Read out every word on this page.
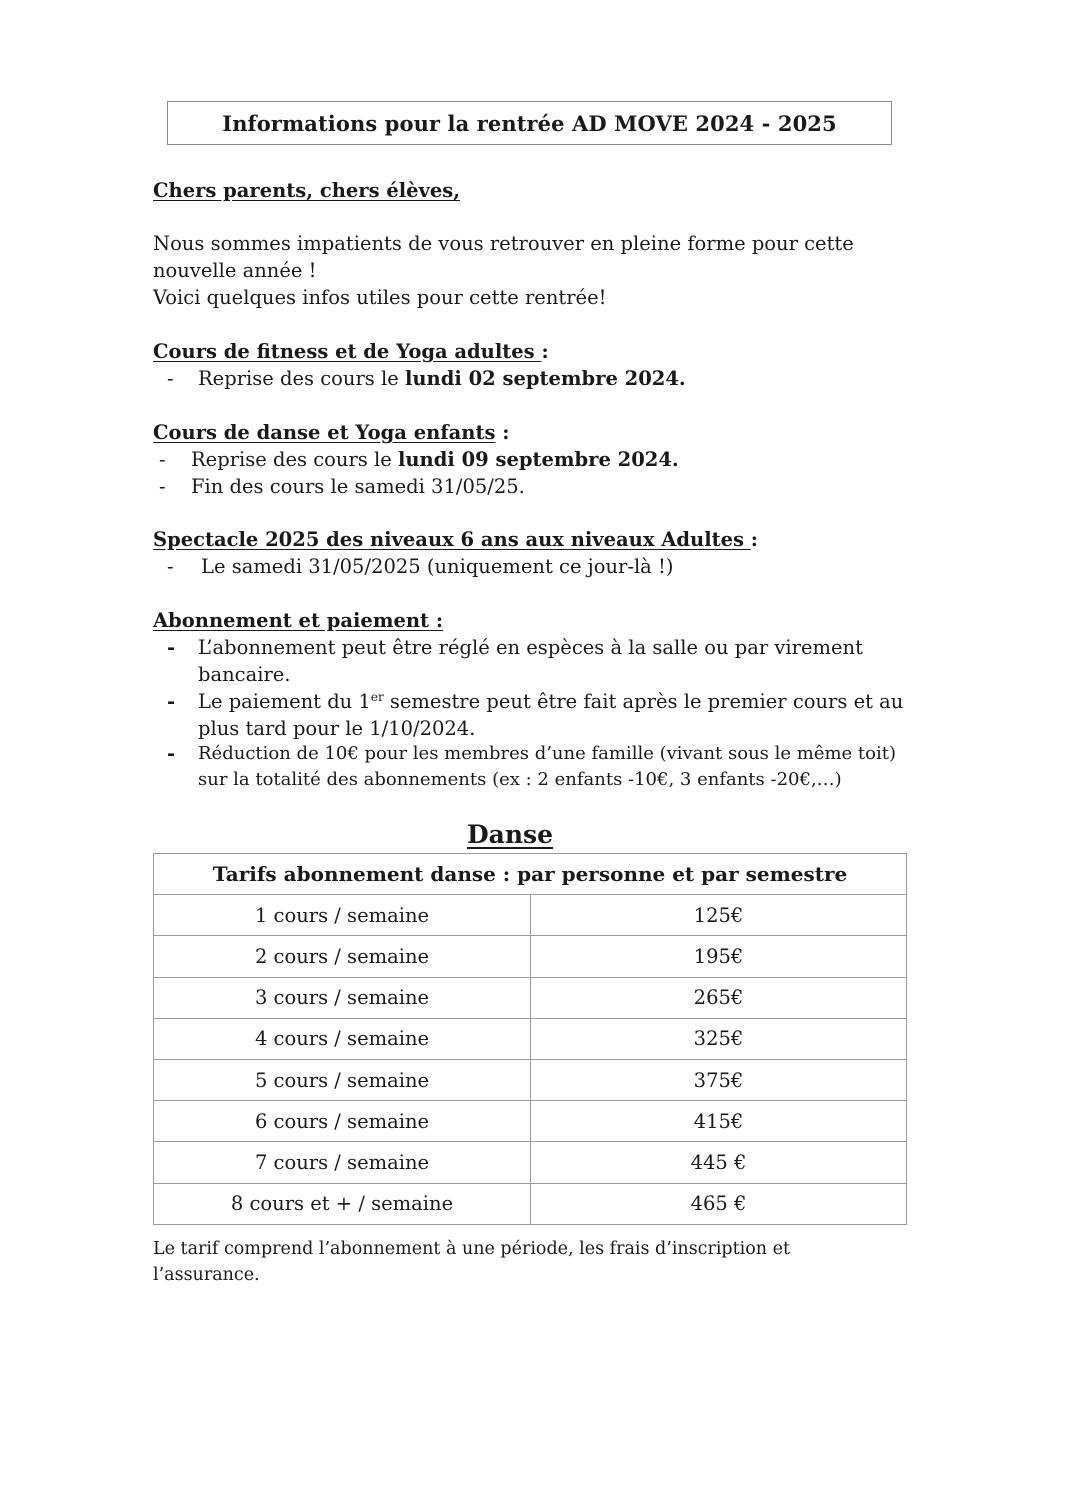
Informations pour la rentrée AD MOVE 2024 - 2025
Chers parents, chers élèves,
Nous sommes impatients de vous retrouver en pleine forme pour cette
nouvelle année !
Voici quelques infos utiles pour cette rentrée!
Cours de fitness et de Yoga adultes :
- Reprise des cours le lundi 02 septembre 2024.
Cours de danse et Yoga enfants :
- Reprise des cours le lundi 09 septembre 2024.
- Fin des cours le samedi 31/05/25.
Spectacle 2025 des niveaux 6 ans aux niveaux Adultes :
- Le samedi 31/05/2025 (uniquement ce jour-là !)
Abonnement et paiement :
- L’abonnement peut être réglé en espèces à la salle ou par virement
bancaire.
- Le paiement du 1er semestre peut être fait après le premier cours et au
plus tard pour le 1/10/2024.
- Réduction de 10€ pour les membres d’une famille (vivant sous le même toit)
sur la totalité des abonnements (ex : 2 enfants -10€, 3 enfants -20€,…)
Danse
Tarifs abonnement danse : par personne et par semestre	
1 cours / semaine	125€
2 cours / semaine	195€
3 cours / semaine	265€
4 cours / semaine	325€
5 cours / semaine	375€
6 cours / semaine	415€
7 cours / semaine	445 €
8 cours et + / semaine	465 €
Le tarif comprend l’abonnement à une période, les frais d’inscription et
l’assurance.
